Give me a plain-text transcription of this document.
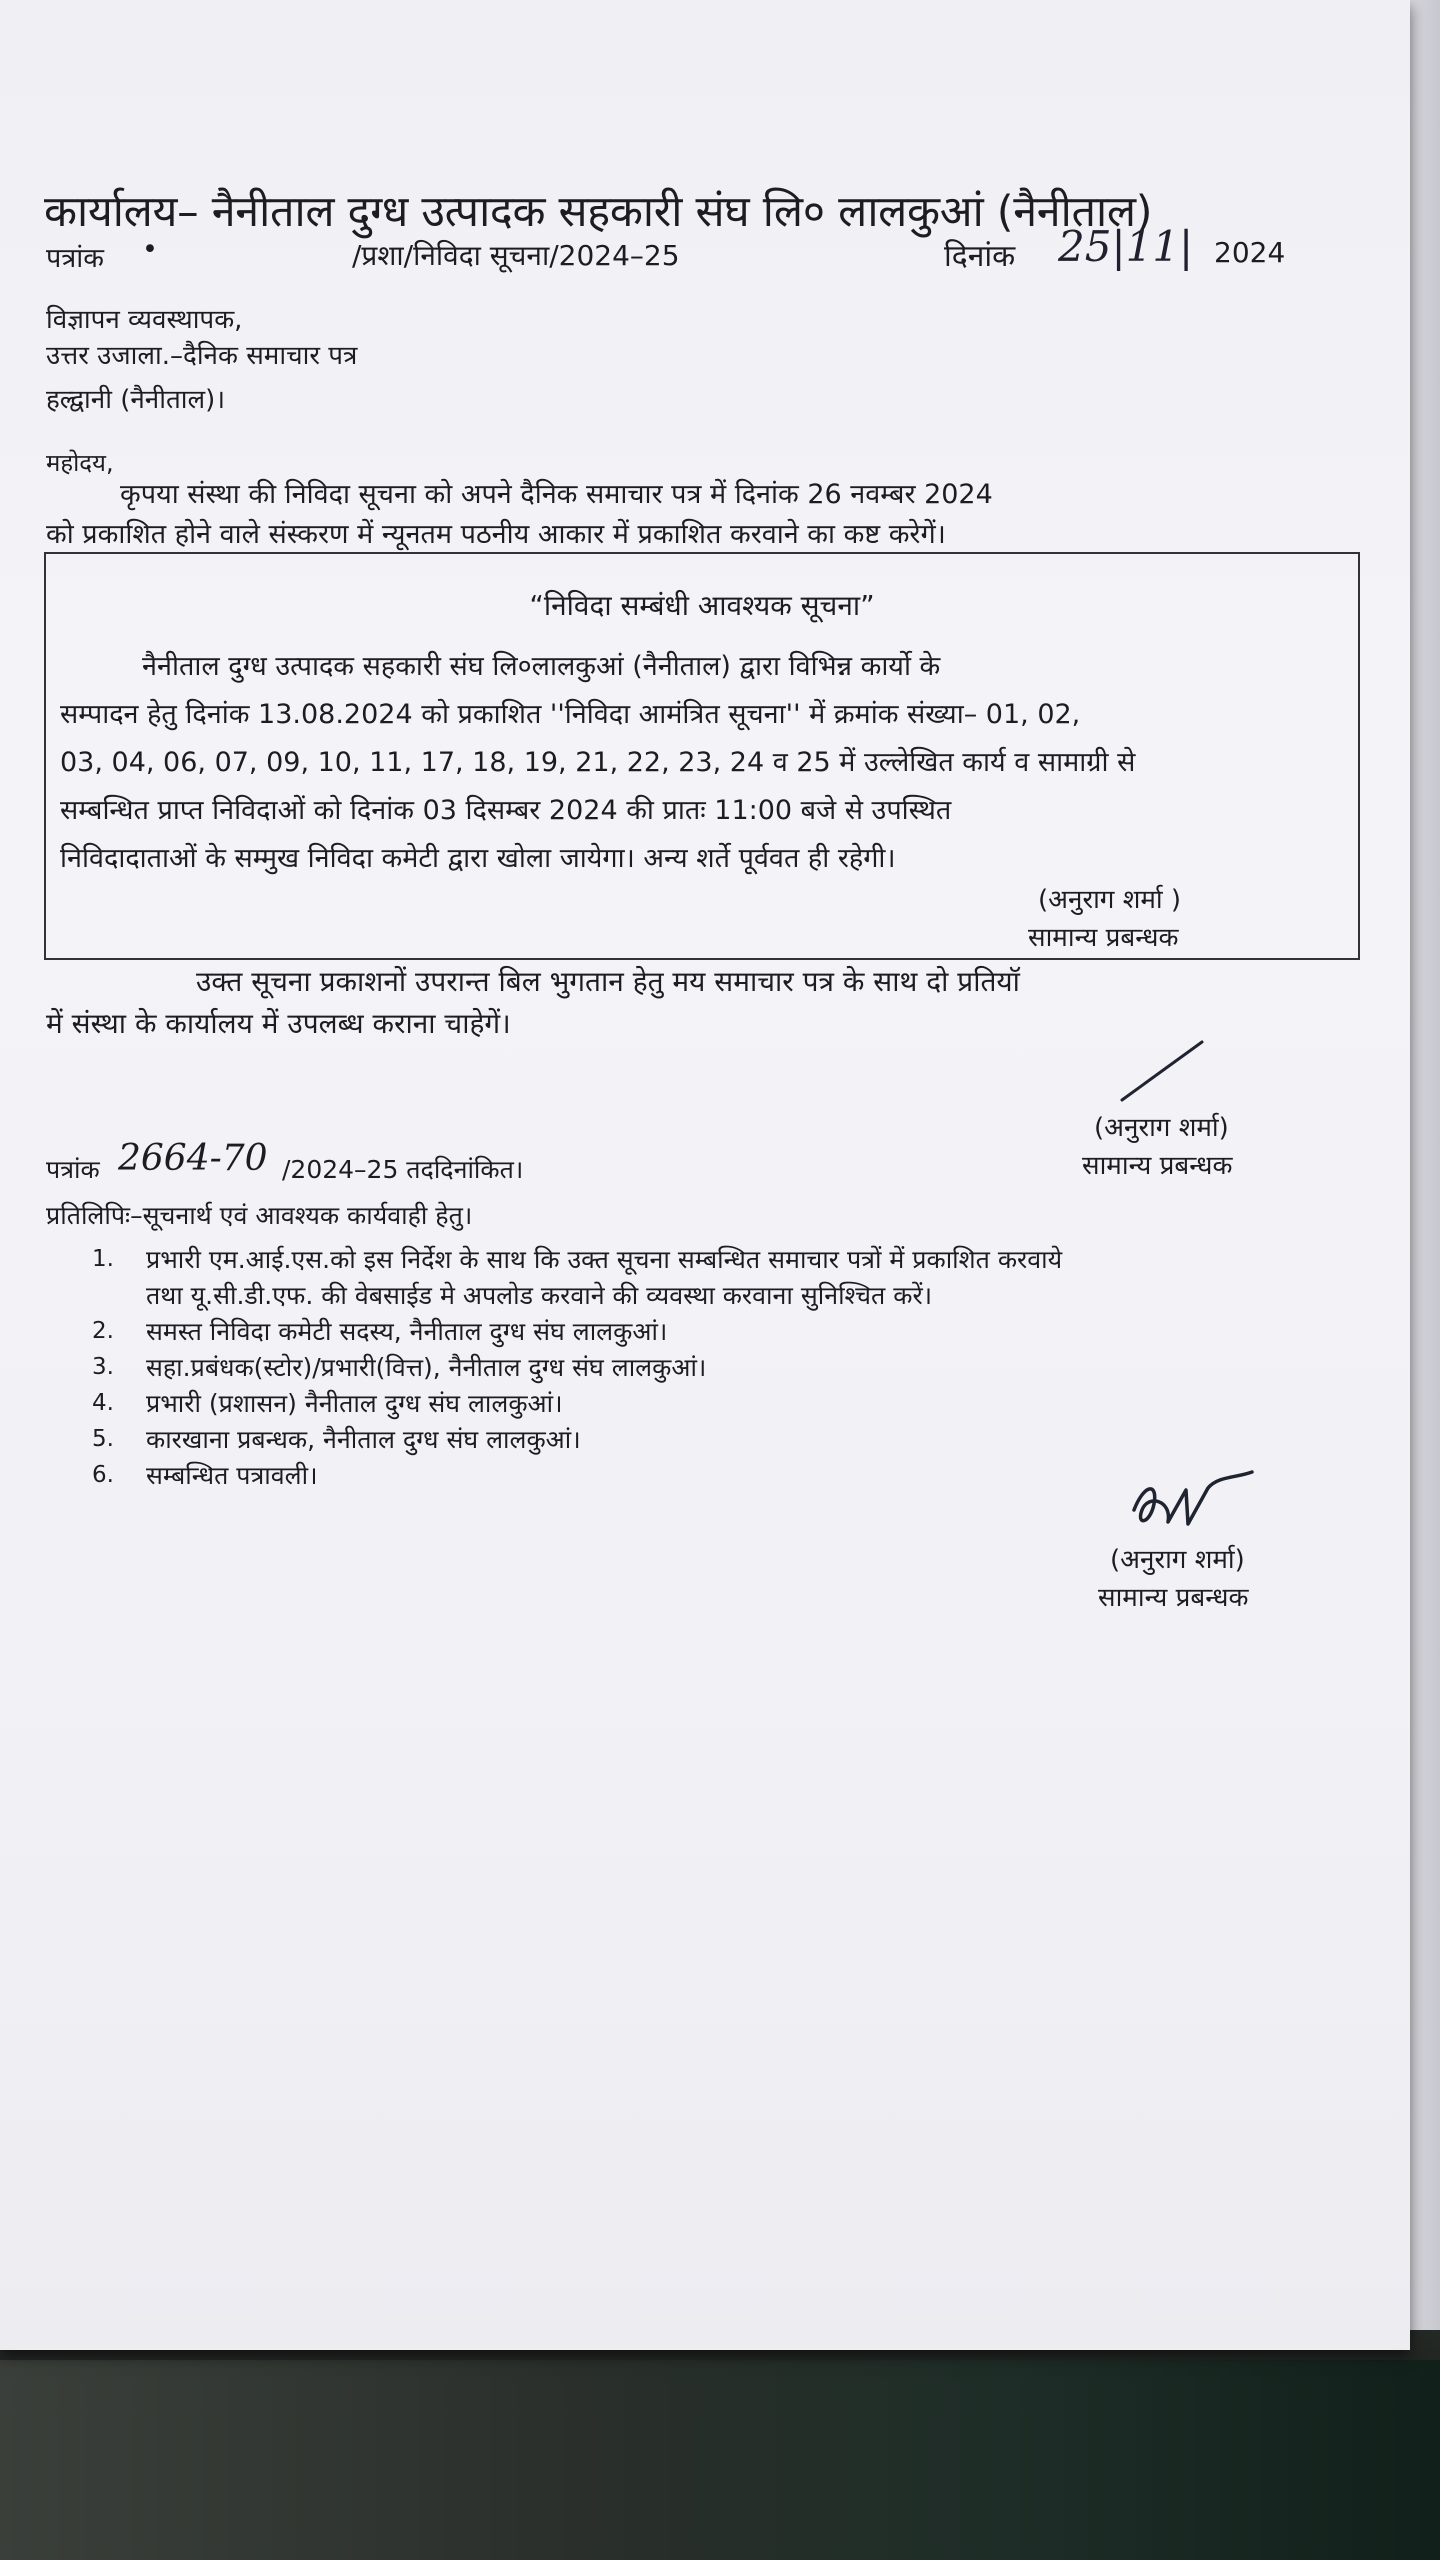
कार्यालय– नैनीताल दुग्ध उत्पादक सहकारी संघ लि० लालकुआं (नैनीताल)
पत्रांक •	/प्रशा/निविदा सूचना/2024–25	दिनांक 25|11| 2024
विज्ञापन व्यवस्थापक,
उत्तर उजाला.–दैनिक समाचार पत्र
हल्द्वानी (नैनीताल)।
महोदय,
कृपया संस्था की निविदा सूचना को अपने दैनिक समाचार पत्र में दिनांक 26 नवम्बर 2024
को प्रकाशित होने वाले संस्करण में न्यूनतम पठनीय आकार में प्रकाशित करवाने का कष्ट करेगें।
“निविदा सम्बंधी आवश्यक सूचना”
नैनीताल दुग्ध उत्पादक सहकारी संघ लि०लालकुआं (नैनीताल) द्वारा विभिन्न कार्यो के
सम्पादन हेतु दिनांक 13.08.2024 को प्रकाशित ''निविदा आमंत्रित सूचना'' में क्रमांक संख्या– 01, 02,
03, 04, 06, 07, 09, 10, 11, 17, 18, 19, 21, 22, 23, 24 व 25 में उल्लेखित कार्य व सामाग्री से
सम्बन्धित प्राप्त निविदाओं को दिनांक 03 दिसम्बर 2024 की प्रातः 11:00 बजे से उपस्थित
निविदादाताओं के सम्मुख निविदा कमेटी द्वारा खोला जायेगा। अन्य शर्ते पूर्ववत ही रहेगी।
(अनुराग शर्मा )
सामान्य प्रबन्धक
उक्त सूचना प्रकाशनों उपरान्त बिल भुगतान हेतु मय समाचार पत्र के साथ दो प्रतियॉ
में संस्था के कार्यालय में उपलब्ध कराना चाहेगें।
(अनुराग शर्मा)
सामान्य प्रबन्धक
पत्रांक 2664-70 /2024–25 तददिनांकित।
प्रतिलिपिः–सूचनार्थ एवं आवश्यक कार्यवाही हेतु।
1. प्रभारी एम.आई.एस.को इस निर्देश के साथ कि उक्त सूचना सम्बन्धित समाचार पत्रों में प्रकाशित करवाये
तथा यू.सी.डी.एफ. की वेबसाईड मे अपलोड करवाने की व्यवस्था करवाना सुनिश्चित करें।
2. समस्त निविदा कमेटी सदस्य, नैनीताल दुग्ध संघ लालकुआं।
3. सहा.प्रबंधक(स्टोर)/प्रभारी(वित्त), नैनीताल दुग्ध संघ लालकुआं।
4. प्रभारी (प्रशासन) नैनीताल दुग्ध संघ लालकुआं।
5. कारखाना प्रबन्धक, नैनीताल दुग्ध संघ लालकुआं।
6. सम्बन्धित पत्रावली।
(अनुराग शर्मा)
सामान्य प्रबन्धक
